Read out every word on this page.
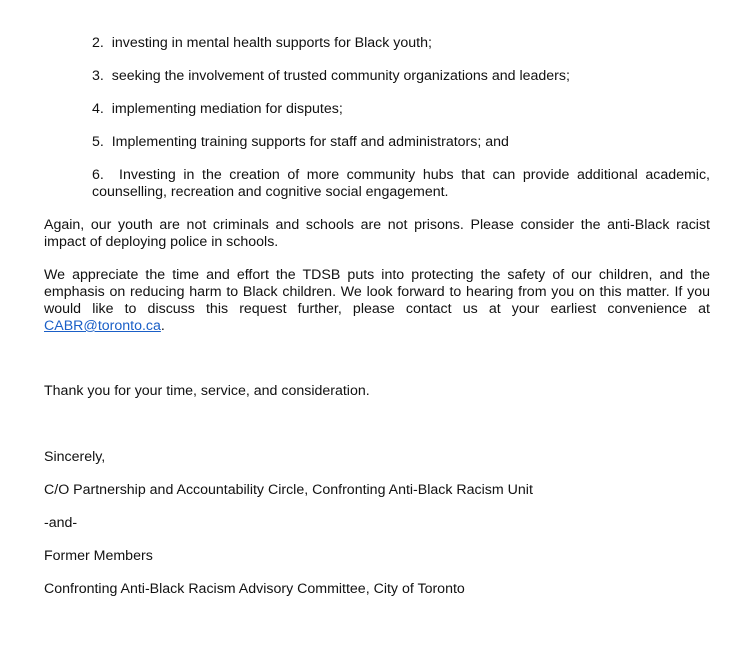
2. investing in mental health supports for Black youth;
3. seeking the involvement of trusted community organizations and leaders;
4. implementing mediation for disputes;
5. Implementing training supports for staff and administrators; and
6. Investing in the creation of more community hubs that can provide additional academic, counselling, recreation and cognitive social engagement.
Again, our youth are not criminals and schools are not prisons. Please consider the anti-Black racist impact of deploying police in schools.
We appreciate the time and effort the TDSB puts into protecting the safety of our children, and the emphasis on reducing harm to Black children. We look forward to hearing from you on this matter. If you would like to discuss this request further, please contact us at your earliest convenience at CABR@toronto.ca.
Thank you for your time, service, and consideration.
Sincerely,
C/O Partnership and Accountability Circle, Confronting Anti-Black Racism Unit
-and-
Former Members
Confronting Anti-Black Racism Advisory Committee, City of Toronto
